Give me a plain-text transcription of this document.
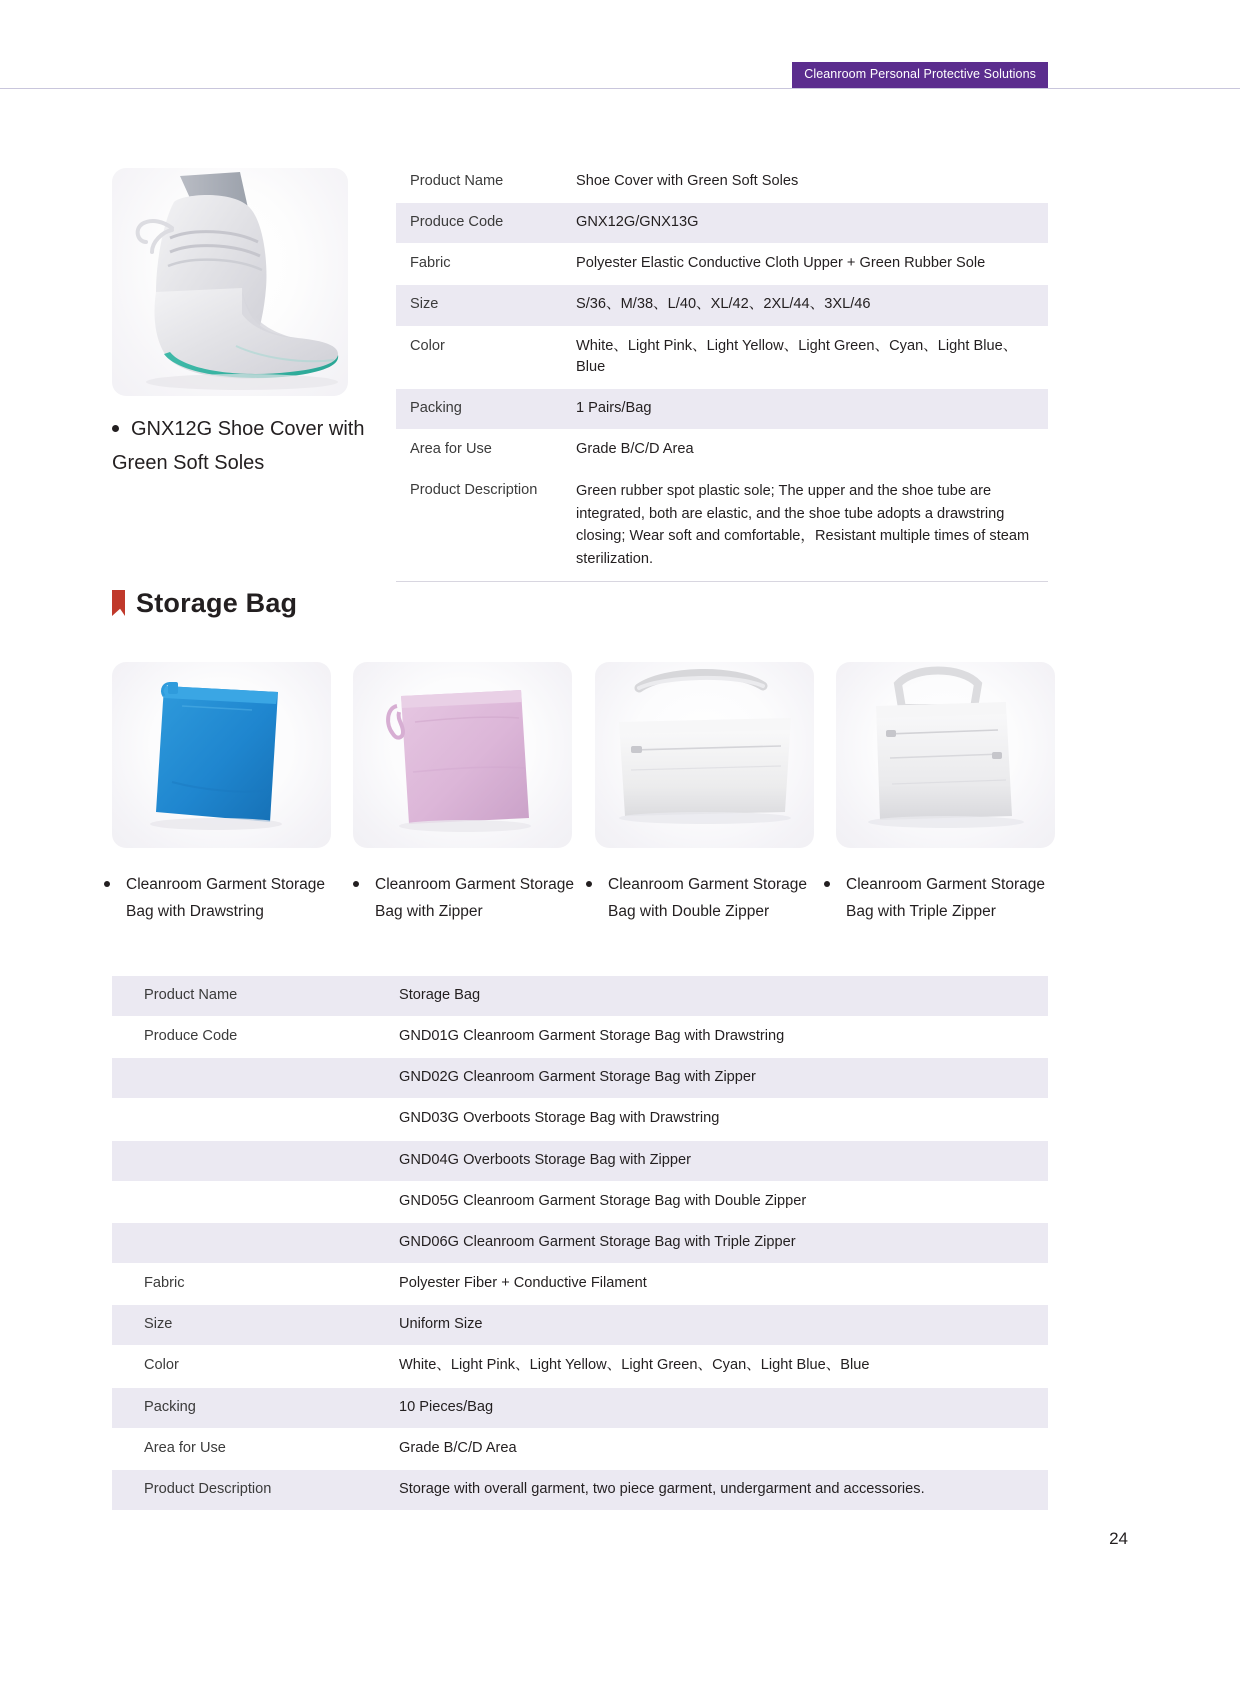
Cleanroom Personal Protective Solutions
GNX12G Shoe Cover with Green Soft Soles
Product Name	Shoe Cover with Green Soft Soles
Produce Code	GNX12G/GNX13G
Fabric	Polyester Elastic Conductive Cloth Upper + Green Rubber Sole
Size	S/36、M/38、L/40、XL/42、2XL/44、3XL/46
Color	White、Light Pink、Light Yellow、Light Green、Cyan、Light Blue、Blue
Packing	1 Pairs/Bag
Area for Use	Grade B/C/D Area
Product Description	Green rubber spot plastic sole; The upper and the shoe tube are integrated, both are elastic, and the shoe tube adopts a drawstring closing; Wear soft and comfortable，Resistant multiple times of steam sterilization.
Storage Bag
Cleanroom Garment Storage Bag with Drawstring
Cleanroom Garment Storage Bag with Zipper
Cleanroom Garment Storage Bag with Double Zipper
Cleanroom Garment Storage Bag with Triple Zipper
Product Name	Storage Bag
Produce Code	GND01G Cleanroom Garment Storage Bag with Drawstring
	GND02G Cleanroom Garment Storage Bag with Zipper
	GND03G Overboots Storage Bag with Drawstring
	GND04G Overboots Storage Bag with Zipper
	GND05G Cleanroom Garment Storage Bag with Double Zipper
	GND06G Cleanroom Garment Storage Bag with Triple Zipper
Fabric	Polyester Fiber + Conductive Filament
Size	Uniform Size
Color	White、Light Pink、Light Yellow、Light Green、Cyan、Light Blue、Blue
Packing	10 Pieces/Bag
Area for Use	Grade B/C/D Area
Product Description	Storage with overall garment, two piece garment, undergarment and accessories.
24
